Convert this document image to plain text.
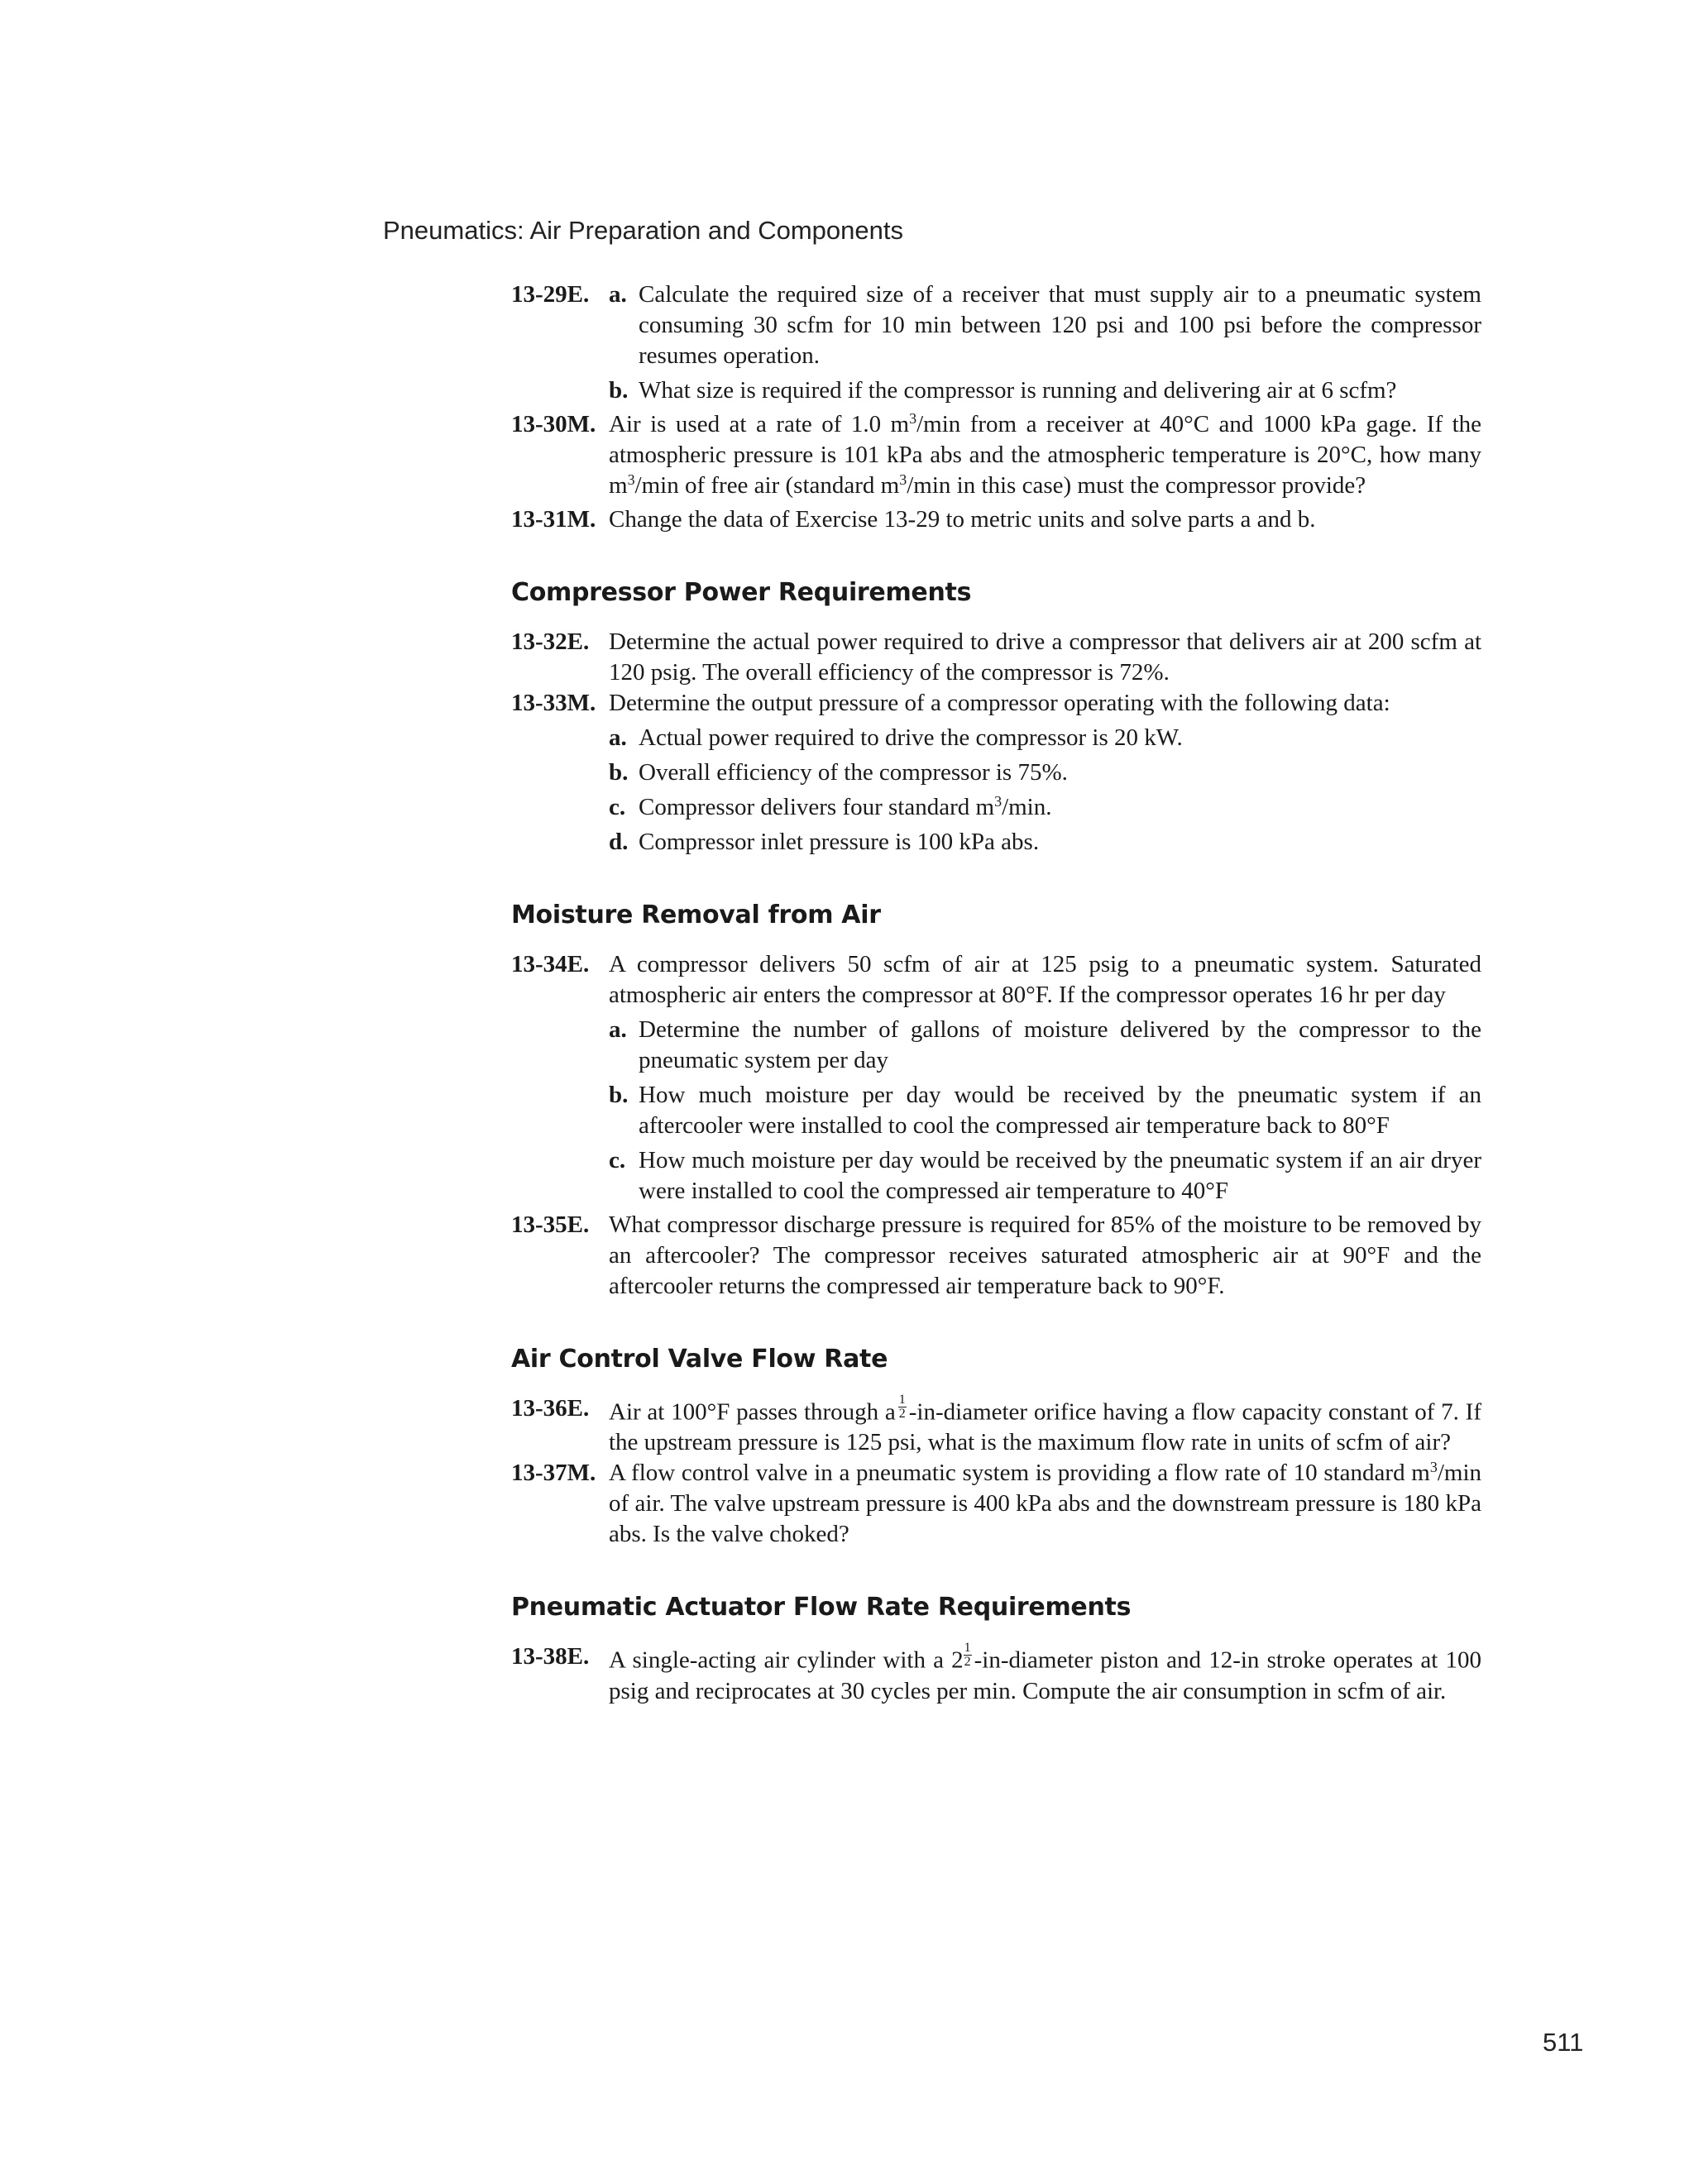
Pneumatics: Air Preparation and Components
13-29E. a. Calculate the required size of a receiver that must supply air to a pneumatic system consuming 30 scfm for 10 min between 120 psi and 100 psi before the compressor resumes operation.
b. What size is required if the compressor is running and delivering air at 6 scfm?
13-30M. Air is used at a rate of 1.0 $m^3/\min$ from a receiver at 40°C and 1000 kPa gage. If the atmospheric pressure is 101 kPa abs and the atmospheric temperature is 20°C, how many $m^3/\min$ of free air (standard $m^3/\min$ in this case) must the compressor provide?
13-31M. Change the data of Exercise 13-29 to metric units and solve parts a and b.
Compressor Power Requirements
13-32E. Determine the actual power required to drive a compressor that delivers air at 200 scfm at 120 psig. The overall efficiency of the compressor is 72%.
13-33M. Determine the output pressure of a compressor operating with the following data:
a. Actual power required to drive the compressor is 20 kW.
b. Overall efficiency of the compressor is 75%.
c. Compressor delivers four standard $m^3/\min$.
d. Compressor inlet pressure is 100 kPa abs.
Moisture Removal from Air
13-34E. A compressor delivers 50 scfm of air at 125 psig to a pneumatic system. Saturated atmospheric air enters the compressor at 80°F. If the compressor operates 16 hr per day
a. Determine the number of gallons of moisture delivered by the compressor to the pneumatic system per day
b. How much moisture per day would be received by the pneumatic system if an aftercooler were installed to cool the compressed air temperature back to 80°F
c. How much moisture per day would be received by the pneumatic system if an air dryer were installed to cool the compressed air temperature to 40°F
13-35E. What compressor discharge pressure is required for 85% of the moisture to be removed by an aftercooler? The compressor receives saturated atmospheric air at 90°F and the aftercooler returns the compressed air temperature back to 90°F.
Air Control Valve Flow Rate
13-36E. Air at 100°F passes through a $\frac{1}{2}$ -in-diameter orifice having a flow capacity constant of 7. If the upstream pressure is 125 psi, what is the maximum flow rate in units of scfm of air?
13-37M. A flow control valve in a pneumatic system is providing a flow rate of 10 standard $m^3/\min$ of air. The valve upstream pressure is 400 kPa abs and the downstream pressure is 180 kPa abs. Is the valve choked?
Pneumatic Actuator Flow Rate Requirements
13-38E. A single-acting air cylinder with a $2 \frac{1}{2}$ -in-diameter piston and 12-in stroke operates at 100 psig and reciprocates at 30 cycles per min. Compute the air consumption in scfm of air.
511
